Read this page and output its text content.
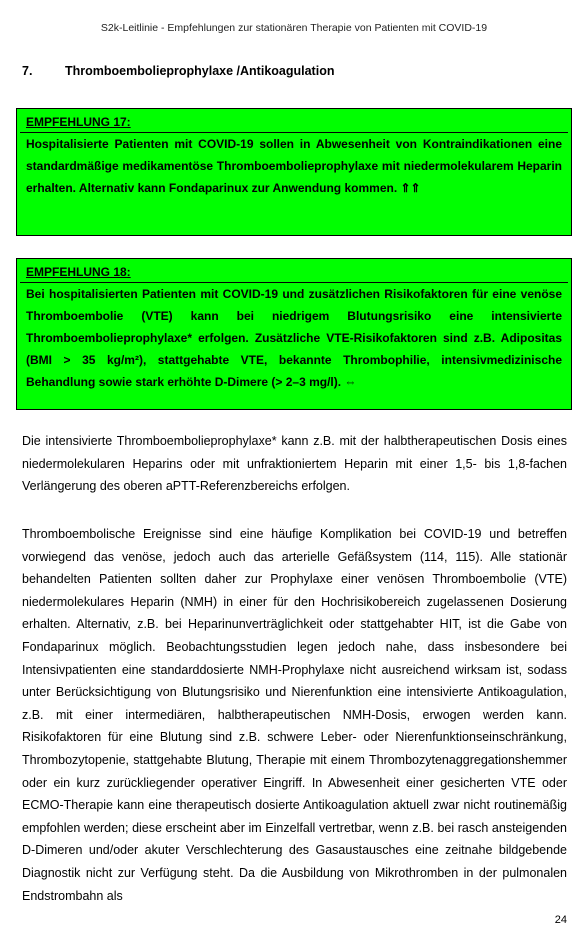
S2k-Leitlinie - Empfehlungen zur stationären Therapie von Patienten mit COVID-19
7.	Thromboembolieprophylaxe /Antikoagulation
EMPFEHLUNG 17:
Hospitalisierte Patienten mit COVID-19 sollen in Abwesenheit von Kontraindikationen eine standardmäßige medikamentöse Thromboembolieprophylaxe mit niedermolekularem Heparin erhalten. Alternativ kann Fondaparinux zur Anwendung kommen. ⇑⇑
EMPFEHLUNG 18:
Bei hospitalisierten Patienten mit COVID-19 und zusätzlichen Risikofaktoren für eine venöse Thromboembolie (VTE) kann bei niedrigem Blutungsrisiko eine intensivierte Thromboembolieprophylaxe* erfolgen. Zusätzliche VTE-Risikofaktoren sind z.B. Adipositas (BMI > 35 kg/m²), stattgehabte VTE, bekannte Thrombophilie, intensivmedizinische Behandlung sowie stark erhöhte D-Dimere (> 2–3 mg/l). ⇔

Die intensivierte Thromboembolieprophylaxe* kann z.B. mit der halbtherapeutischen Dosis eines niedermolekularen Heparins oder mit unfraktioniertem Heparin mit einer 1,5- bis 1,8-fachen Verlängerung des oberen aPTT-Referenzbereichs erfolgen.

Thromboembolische Ereignisse sind eine häufige Komplikation bei COVID-19 und betreffen vorwiegend das venöse, jedoch auch das arterielle Gefäßsystem (114, 115). Alle stationär behandelten Patienten sollten daher zur Prophylaxe einer venösen Thromboembolie (VTE) niedermolekulares Heparin (NMH) in einer für den Hochrisikobereich zugelassenen Dosierung erhalten. Alternativ, z.B. bei Heparinunverträglichkeit oder stattgehabter HIT, ist die Gabe von Fondaparinux möglich. Beobachtungsstudien legen jedoch nahe, dass insbesondere bei Intensivpatienten eine standarddosierte NMH-Prophylaxe nicht ausreichend wirksam ist, sodass unter Berücksichtigung von Blutungsrisiko und Nierenfunktion eine intensivierte Antikoagulation, z.B. mit einer intermediären, halbtherapeutischen NMH-Dosis, erwogen werden kann. Risikofaktoren für eine Blutung sind z.B. schwere Leber- oder Nierenfunktionseinschränkung, Thrombozytopenie, stattgehabte Blutung, Therapie mit einem Thrombozytenaggregationshemmer oder ein kurz zurückliegender operativer Eingriff. In Abwesenheit einer gesicherten VTE oder ECMO-Therapie kann eine therapeutisch dosierte Antikoagulation aktuell zwar nicht routinemäßig empfohlen werden; diese erscheint aber im Einzelfall vertretbar, wenn z.B. bei rasch ansteigenden D-Dimeren und/oder akuter Verschlechterung des Gasaustausches eine zeitnahe bildgebende Diagnostik nicht zur Verfügung steht. Da die Ausbildung von Mikrothromben in der pulmonalen Endstrombahn als

24
